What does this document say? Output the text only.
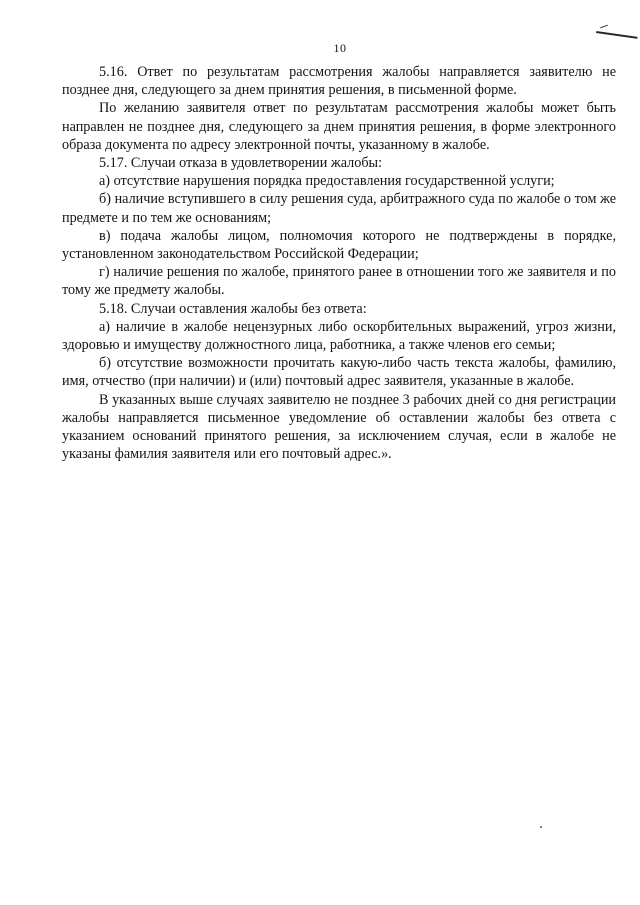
10

5.16. Ответ по результатам рассмотрения жалобы направляется заявителю не позднее дня, следующего за днем принятия решения, в письменной форме.

По желанию заявителя ответ по результатам рассмотрения жалобы может быть направлен не позднее дня, следующего за днем принятия решения, в форме электронного образа документа по адресу электронной почты, указанному в жалобе.

5.17. Случаи отказа в удовлетворении жалобы:

а) отсутствие нарушения порядка предоставления государственной услуги;

б) наличие вступившего в силу решения суда, арбитражного суда по жалобе о том же предмете и по тем же основаниям;

в) подача жалобы лицом, полномочия которого не подтверждены в порядке, установленном законодательством Российской Федерации;

г) наличие решения по жалобе, принятого ранее в отношении того же заявителя и по тому же предмету жалобы.

5.18. Случаи оставления жалобы без ответа:

а) наличие в жалобе нецензурных либо оскорбительных выражений, угроз жизни, здоровью и имуществу должностного лица, работника, а также членов его семьи;

б) отсутствие возможности прочитать какую-либо часть текста жалобы, фамилию, имя, отчество (при наличии) и (или) почтовый адрес заявителя, указанные в жалобе.

В указанных выше случаях заявителю не позднее 3 рабочих дней со дня регистрации жалобы направляется письменное уведомление об оставлении жалобы без ответа с указанием оснований принятого решения, за исключением случая, если в жалобе не указаны фамилия заявителя или его почтовый адрес.».
